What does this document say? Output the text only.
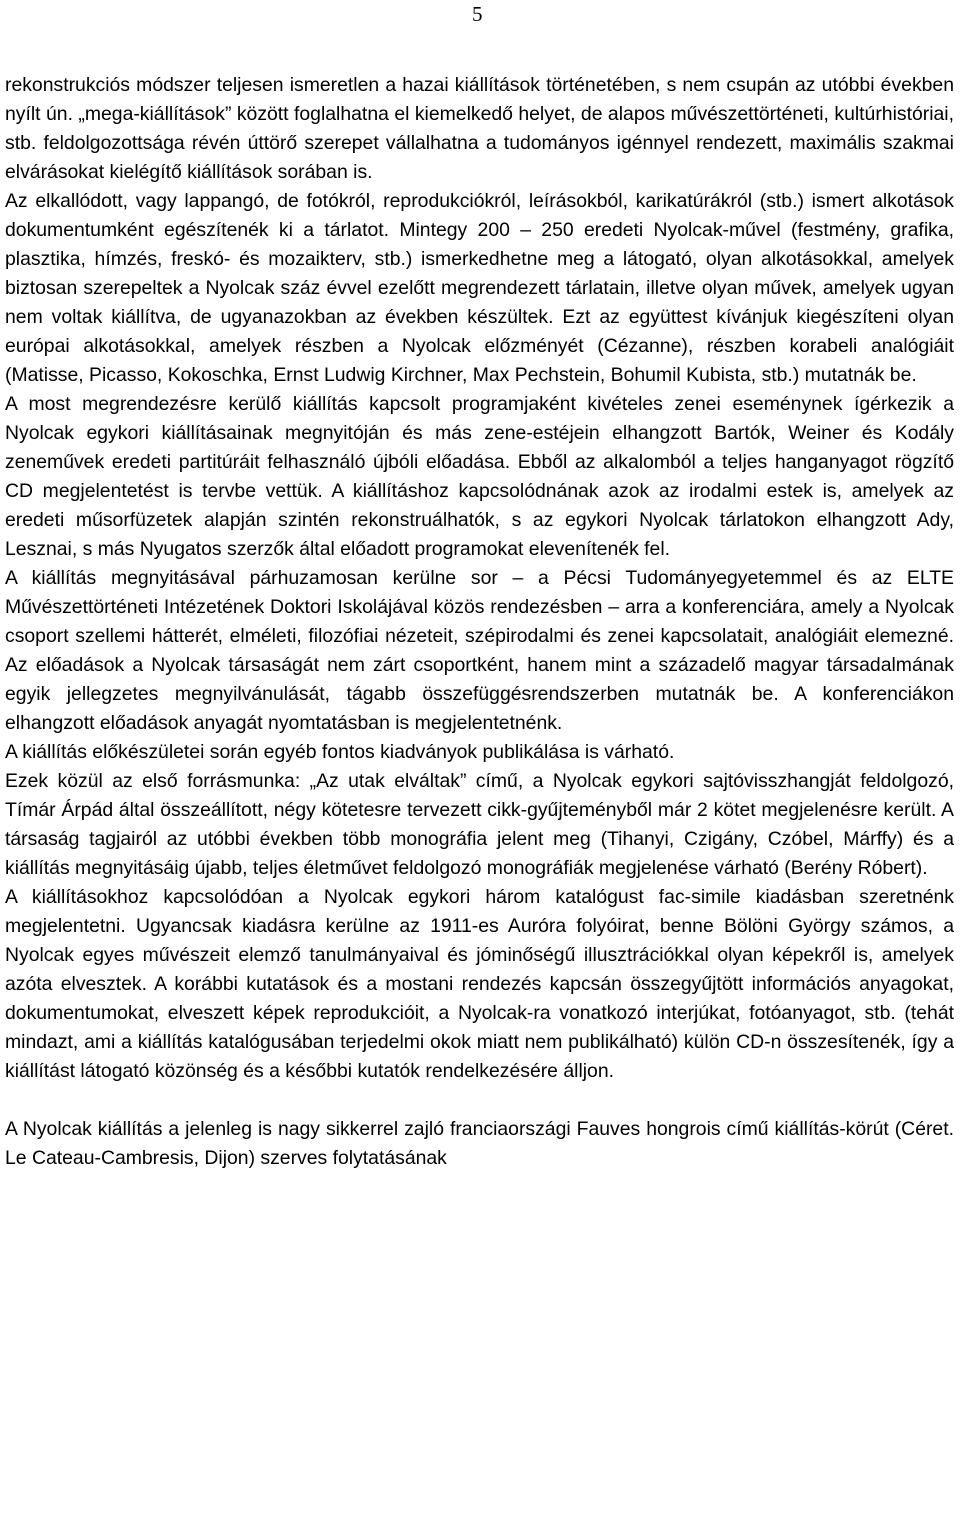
5

rekonstrukciós módszer teljesen ismeretlen a hazai kiállítások történetében, s nem csupán az utóbbi években nyílt ún. „mega-kiállítások” között foglalhatna el kiemelkedő helyet, de alapos művészettörténeti, kultúrhistóriai, stb. feldolgozottsága révén úttörő szerepet vállalhatna a tudományos igénnyel rendezett, maximális szakmai elvárásokat kielégítő kiállítások sorában is.

Az elkallódott, vagy lappangó, de fotókról, reprodukciókról, leírásokból, karikatúrákról (stb.) ismert alkotások dokumentumként egészítenék ki a tárlatot. Mintegy 200 – 250 eredeti Nyolcak-művel (festmény, grafika, plasztika, hímzés, freskó- és mozaikterv, stb.) ismerkedhetne meg a látogató, olyan alkotásokkal, amelyek biztosan szerepeltek a Nyolcak száz évvel ezelőtt megrendezett tárlatain, illetve olyan művek, amelyek ugyan nem voltak kiállítva, de ugyanazokban az években készültek. Ezt az együttest kívánjuk kiegészíteni olyan európai alkotásokkal, amelyek részben a Nyolcak előzményét (Cézanne), részben korabeli analógiáit (Matisse, Picasso, Kokoschka, Ernst Ludwig Kirchner, Max Pechstein, Bohumil Kubista, stb.) mutatnák be.

A most megrendezésre kerülő kiállítás kapcsolt programjaként kivételes zenei eseménynek ígérkezik a Nyolcak egykori kiállításainak megnyitóján és más zene-estéjein elhangzott Bartók, Weiner és Kodály zeneművek eredeti partitúráit felhasználó újbóli előadása. Ebből az alkalomból a teljes hanganyagot rögzítő CD megjelentetést is tervbe vettük. A kiállításhoz kapcsolódnának azok az irodalmi estek is, amelyek az eredeti műsorfüzetek alapján szintén rekonstruálhatók, s az egykori Nyolcak tárlatokon elhangzott Ady, Lesznai, s más Nyugatos szerzők által előadott programokat elevenítenék fel.

A kiállítás megnyitásával párhuzamosan kerülne sor – a Pécsi Tudományegyetemmel és az ELTE Művészettörténeti Intézetének Doktori Iskolájával közös rendezésben – arra a konferenciára, amely a Nyolcak csoport szellemi hátterét, elméleti, filozófiai nézeteit, szépirodalmi és zenei kapcsolatait, analógiáit elemezné. Az előadások a Nyolcak társaságát nem zárt csoportként, hanem mint a századelő magyar társadalmának egyik jellegzetes megnyilvánulását, tágabb összefüggésrendszerben mutatnák be. A konferenciákon elhangzott előadások anyagát nyomtatásban is megjelentetnénk.

A kiállítás előkészületei során egyéb fontos kiadványok publikálása is várható.

Ezek közül az első forrásmunka: „Az utak elváltak” című, a Nyolcak egykori sajtóvisszhangját feldolgozó, Tímár Árpád által összeállított, négy kötetesre tervezett cikk-gyűjteményből már 2 kötet megjelenésre került. A társaság tagjairól az utóbbi években több monográfia jelent meg (Tihanyi, Czigány, Czóbel, Márffy) és a kiállítás megnyitásáig újabb, teljes életművet feldolgozó monográfiák megjelenése várható (Berény Róbert).

A kiállításokhoz kapcsolódóan a Nyolcak egykori három katalógust fac-simile kiadásban szeretnénk megjelentetni. Ugyancsak kiadásra kerülne az 1911-es Auróra folyóirat, benne Bölöni György számos, a Nyolcak egyes művészeit elemző tanulmányaival és jóminőségű illusztrációkkal olyan képekről is, amelyek azóta elvesztek. A korábbi kutatások és a mostani rendezés kapcsán összegyűjtött információs anyagokat, dokumentumokat, elveszett képek reprodukcióit, a Nyolcak-ra vonatkozó interjúkat, fotóanyagot, stb. (tehát mindazt, ami a kiállítás katalógusában terjedelmi okok miatt nem publikálható) külön CD-n összesítenék, így a kiállítást látogató közönség és a későbbi kutatók rendelkezésére álljon.

A Nyolcak kiállítás a jelenleg is nagy sikkerrel zajló franciaországi Fauves hongrois című kiállítás-körút (Céret. Le Cateau-Cambresis, Dijon) szerves folytatásának
